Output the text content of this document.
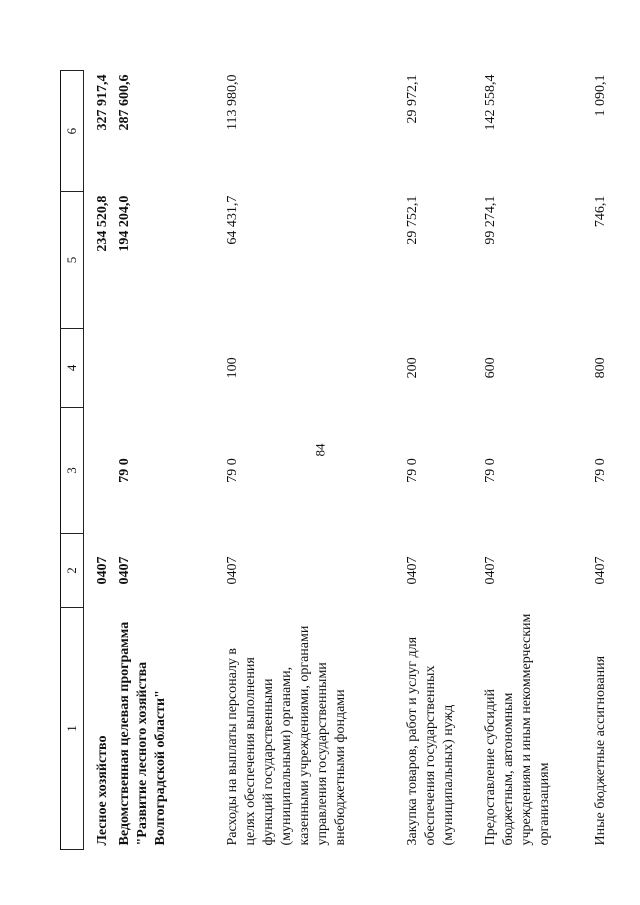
84
1	2	3	4	5	6
Лесное хозяйство	0407			234 520,8	327 917,4
Ведомственная целевая программа "Развитие лесного хозяйства Волгоградской области"	0407	79 0		194 204,0	287 600,6

Расходы на выплаты персоналу в целях обеспечения выполнения функций государственными (муниципальными) органами, казенными учреждениями, органами управления государственными внебюджетными фондами	0407	79 0	100	64 431,7	113 980,0

Закупка товаров, работ и услуг для обеспечения государственных (муниципальных) нужд	0407	79 0	200	29 752,1	29 972,1

Предоставление субсидий бюджетным, автономным учреждениям и иным некоммерческим организациям	0407	79 0	600	99 274,1	142 558,4

Иные бюджетные ассигнования	0407	79 0	800	746,1	1 090,1
